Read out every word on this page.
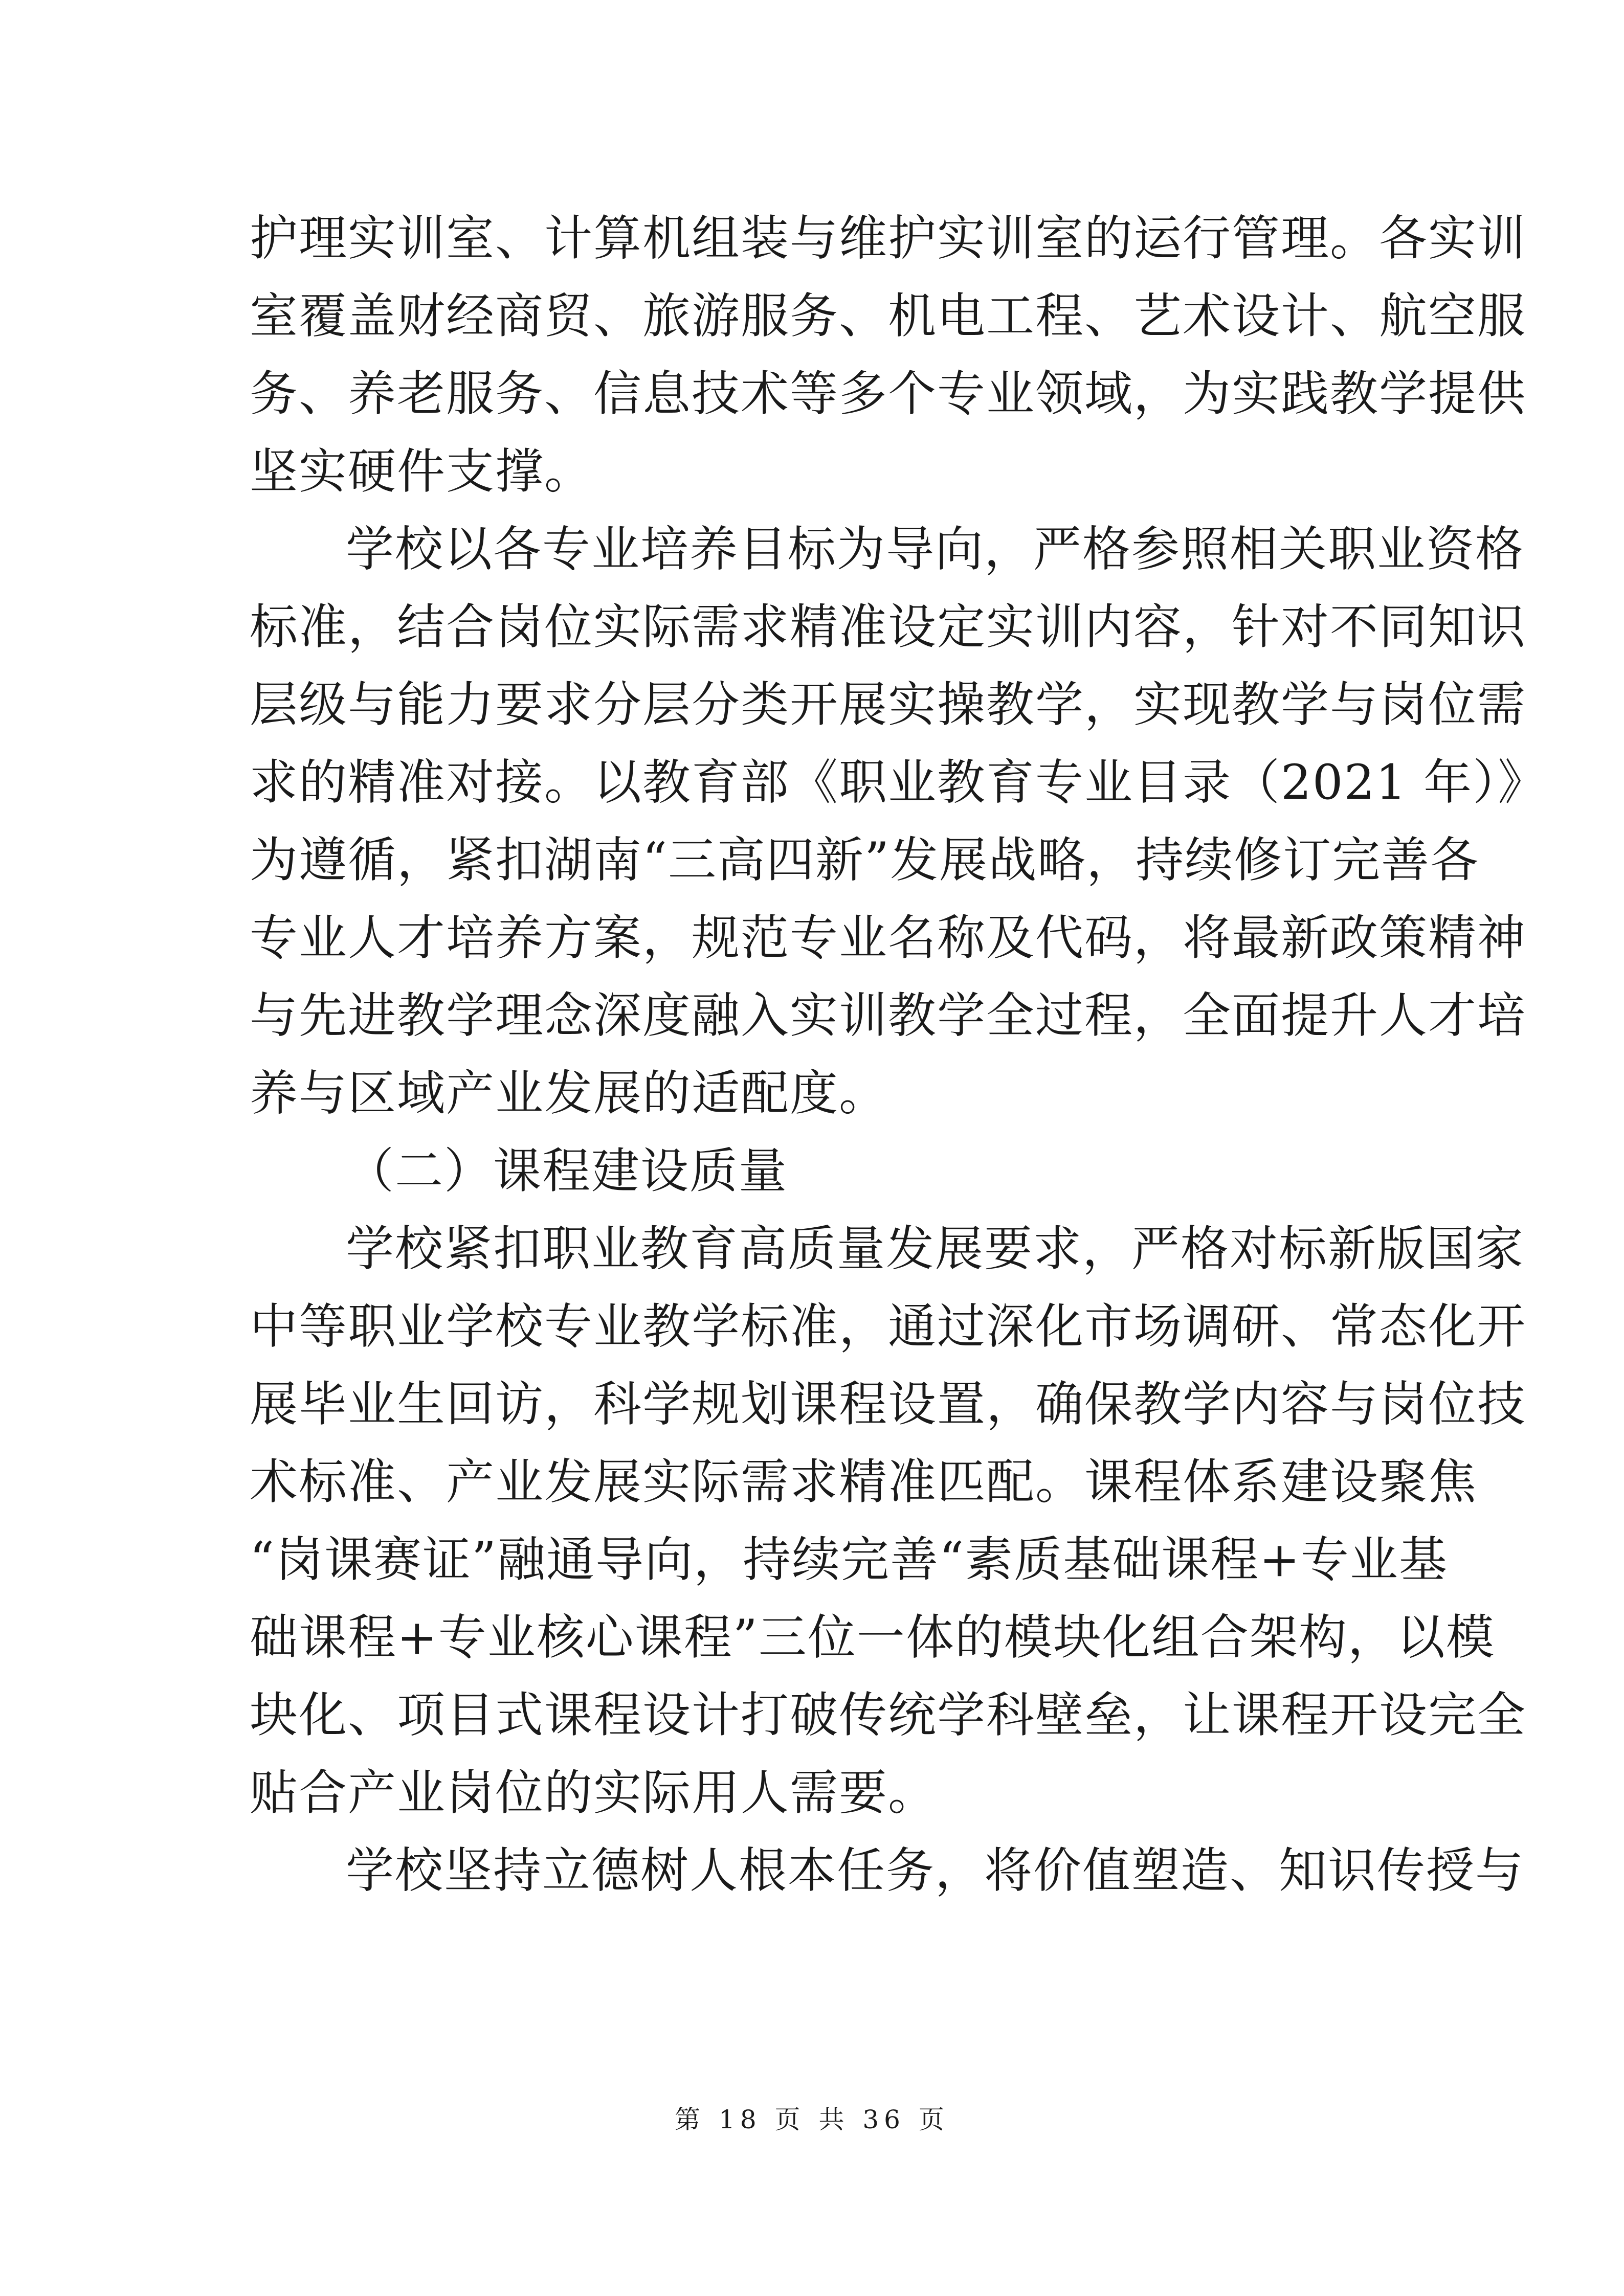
护理实训室、计算机组装与维护实训室的运行管理。各实训
室覆盖财经商贸、旅游服务、机电工程、艺术设计、航空服
务、养老服务、信息技术等多个专业领域，为实践教学提供
坚实硬件支撑。
学校以各专业培养目标为导向，严格参照相关职业资格
标准，结合岗位实际需求精准设定实训内容，针对不同知识
层级与能力要求分层分类开展实操教学，实现教学与岗位需
求的精准对接。以教育部《职业教育专业目录（2021 年）》
为遵循，紧扣湖南“三高四新”发展战略，持续修订完善各
专业人才培养方案，规范专业名称及代码，将最新政策精神
与先进教学理念深度融入实训教学全过程，全面提升人才培
养与区域产业发展的适配度。
（二）课程建设质量
学校紧扣职业教育高质量发展要求，严格对标新版国家
中等职业学校专业教学标准，通过深化市场调研、常态化开
展毕业生回访，科学规划课程设置，确保教学内容与岗位技
术标准、产业发展实际需求精准匹配。课程体系建设聚焦
“岗课赛证”融通导向，持续完善“素质基础课程+专业基
础课程+专业核心课程”三位一体的模块化组合架构，以模
块化、项目式课程设计打破传统学科壁垒，让课程开设完全
贴合产业岗位的实际用人需要。
学校坚持立德树人根本任务，将价值塑造、知识传授与
第 18 页 共 36 页
